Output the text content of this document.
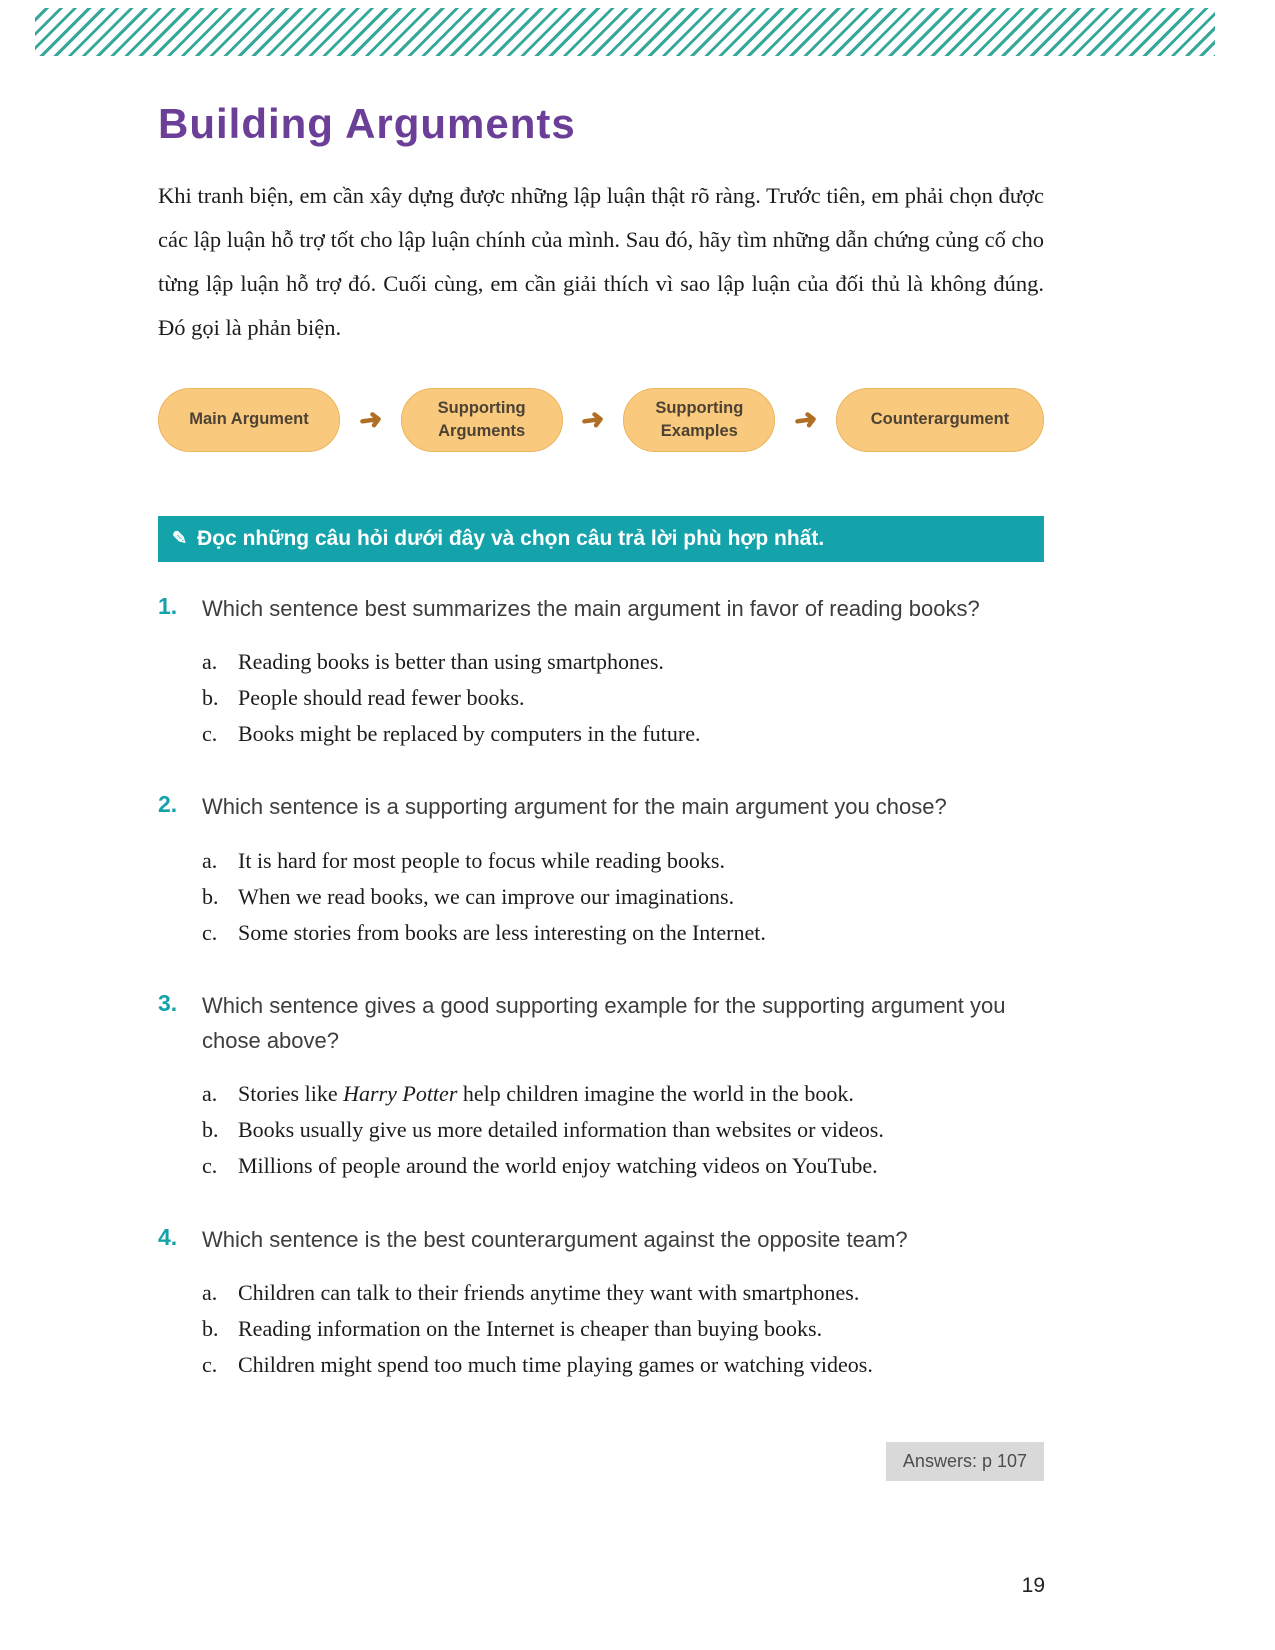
Building Arguments

Khi tranh biện, em cần xây dựng được những lập luận thật rõ ràng. Trước tiên, em phải chọn được các lập luận hỗ trợ tốt cho lập luận chính của mình. Sau đó, hãy tìm những dẫn chứng củng cố cho từng lập luận hỗ trợ đó. Cuối cùng, em cần giải thích vì sao lập luận của đối thủ là không đúng. Đó gọi là phản biện.

Main Argument	➜	Supporting Arguments	➜	Supporting Examples	➜	Counterargument
✎ Đọc những câu hỏi dưới đây và chọn câu trả lời phù hợp nhất.
1.	Which sentence best summarizes the main argument in favor of reading books?
a. Reading books is better than using smartphones.
b. People should read fewer books.
c. Books might be replaced by computers in the future.
2.	Which sentence is a supporting argument for the main argument you chose?
a. It is hard for most people to focus while reading books.
b. When we read books, we can improve our imaginations.
c. Some stories from books are less interesting on the Internet.
3.	Which sentence gives a good supporting example for the supporting argument you chose above?
a. Stories like Harry Potter help children imagine the world in the book.
b. Books usually give us more detailed information than websites or videos.
c. Millions of people around the world enjoy watching videos on YouTube.
4.	Which sentence is the best counterargument against the opposite team?
a. Children can talk to their friends anytime they want with smartphones.
b. Reading information on the Internet is cheaper than buying books.
c. Children might spend too much time playing games or watching videos.
Answers: p 107
19
